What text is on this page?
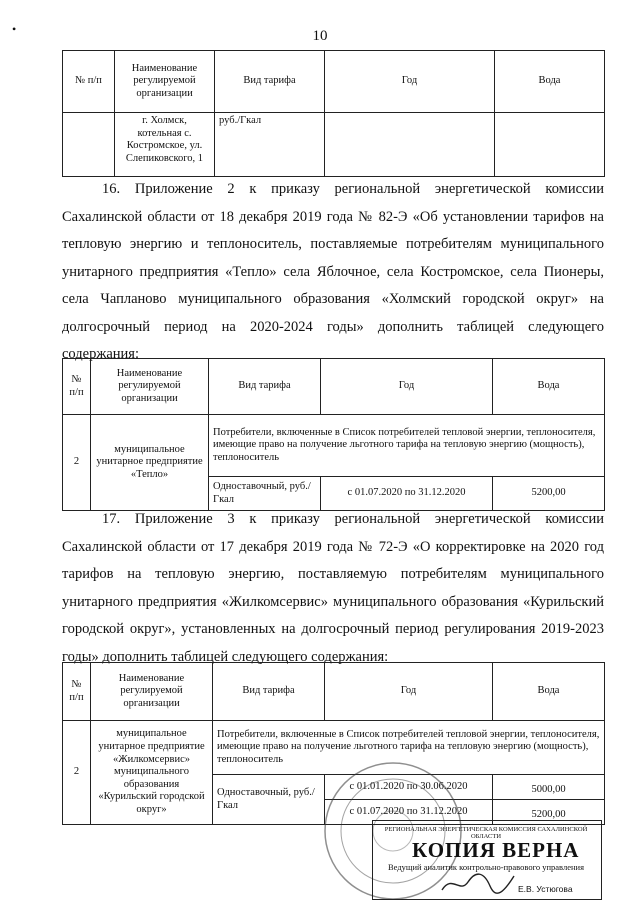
•	10
№ п/п	Наименование регулируемой организации	Вид тарифа	Год	Вода
	г. Холмск, котельная с. Костромское, ул. Слепиковского, 1	руб./Гкал		

16. Приложение 2 к приказу региональной энергетической комиссии Сахалинской области от 18 декабря 2019 года № 82-Э «Об установлении тарифов на тепловую энергию и теплоноситель, поставляемые потребителям муниципального унитарного предприятия «Тепло» села Яблочное, села Костромское, села Пионеры, села Чапланово муниципального образования «Холмский городской округ» на долгосрочный период на 2020-2024 годы» дополнить таблицей следующего содержания:

№ п/п	Наименование регулируемой организации	Вид тарифа	Год	Вода
2	муниципальное унитарное предприятие «Тепло»	Потребители, включенные в Список потребителей тепловой энергии, теплоносителя, имеющие право на получение льготного тарифа на тепловую энергию (мощность), теплоноситель		
		Одноставочный, руб./Гкал	с 01.07.2020 по 31.12.2020	5200,00

17. Приложение 3 к приказу региональной энергетической комиссии Сахалинской области от 17 декабря 2019 года № 72-Э «О корректировке на 2020 год тарифов на тепловую энергию, поставляемую потребителям муниципального унитарного предприятия «Жилкомсервис» муниципального образования «Курильский городской округ», установленных на долгосрочный период регулирования 2019-2023 годы» дополнить таблицей следующего содержания:

№ п/п	Наименование регулируемой организации	Вид тарифа	Год	Вода
2	муниципальное унитарное предприятие «Жилкомсервис» муниципального образования «Курильский городской округ»	Потребители, включенные в Список потребителей тепловой энергии, теплоносителя, имеющие право на получение льготного тарифа на тепловую энергию (мощность), теплоноситель		
		Одноставочный, руб./Гкал	с 01.01.2020 по 30.06.2020	5000,00
			с 01.07.2020 по 31.12.2020	5200,00
РЕГИОНАЛЬНАЯ ЭНЕРГЕТИЧЕСКАЯ КОМИССИЯ САХАЛИНСКОЙ ОБЛАСТИ
КОПИЯ ВЕРНА
Ведущий аналитик контрольно-правового управления
Е.В. Устюгова
